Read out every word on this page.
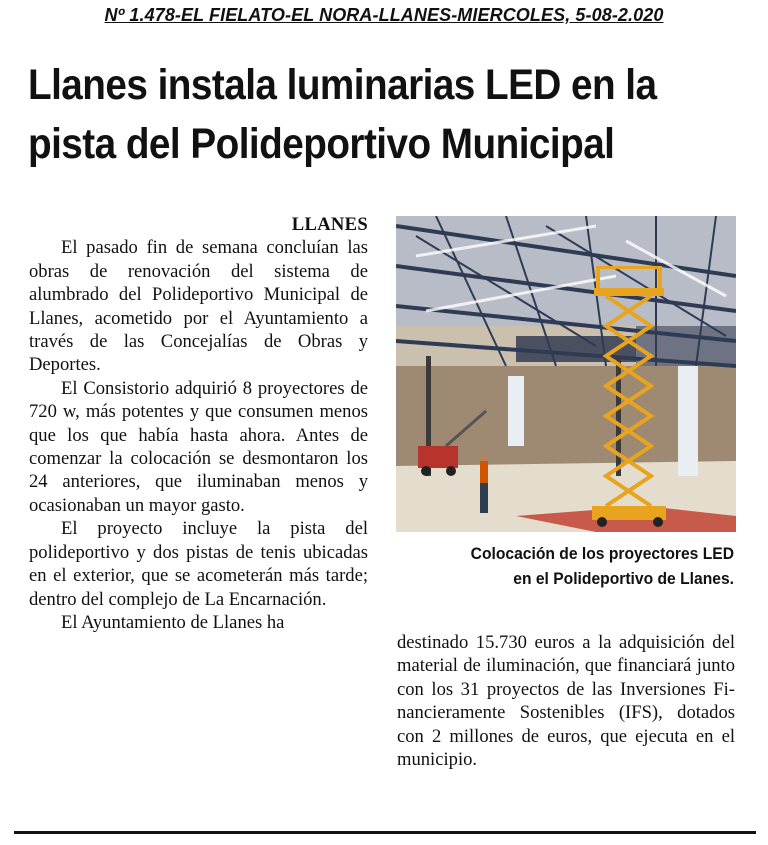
Nº 1.478-EL FIELATO-EL NORA-LLANES-MIERCOLES, 5-08-2.020
Llanes instala luminarias LED en la
pista del Polideportivo Municipal
LLANES

El pasado fin de semana concluían las obras de renovación del sistema de alumbrado del Polideportivo Municipal de Llanes, acometido por el Ayuntamiento a través de las Concejalías de Obras y Deportes.

El Consistorio adquirió 8 proyectores de 720 w, más potentes y que consumen menos que los que había hasta ahora. Antes de comenzar la colocación se desmontaron los 24 anteriores, que iluminaban menos y ocasionaban un mayor gasto.

El proyecto incluye la pista del polideportivo y dos pistas de tenis ubicadas en el exterior, que se acometerán más tarde; dentro del complejo de La Encarnación.

El Ayuntamiento de Llanes ha

Colocación de los proyectores LED
en el Polideportivo de Llanes.

destinado 15.730 euros a la adquisición del material de iluminación, que financiará junto con los 31 proyectos de las Inversiones Financieramente Sostenibles (IFS), dotados con 2 millones de euros, que ejecuta en el municipio.
